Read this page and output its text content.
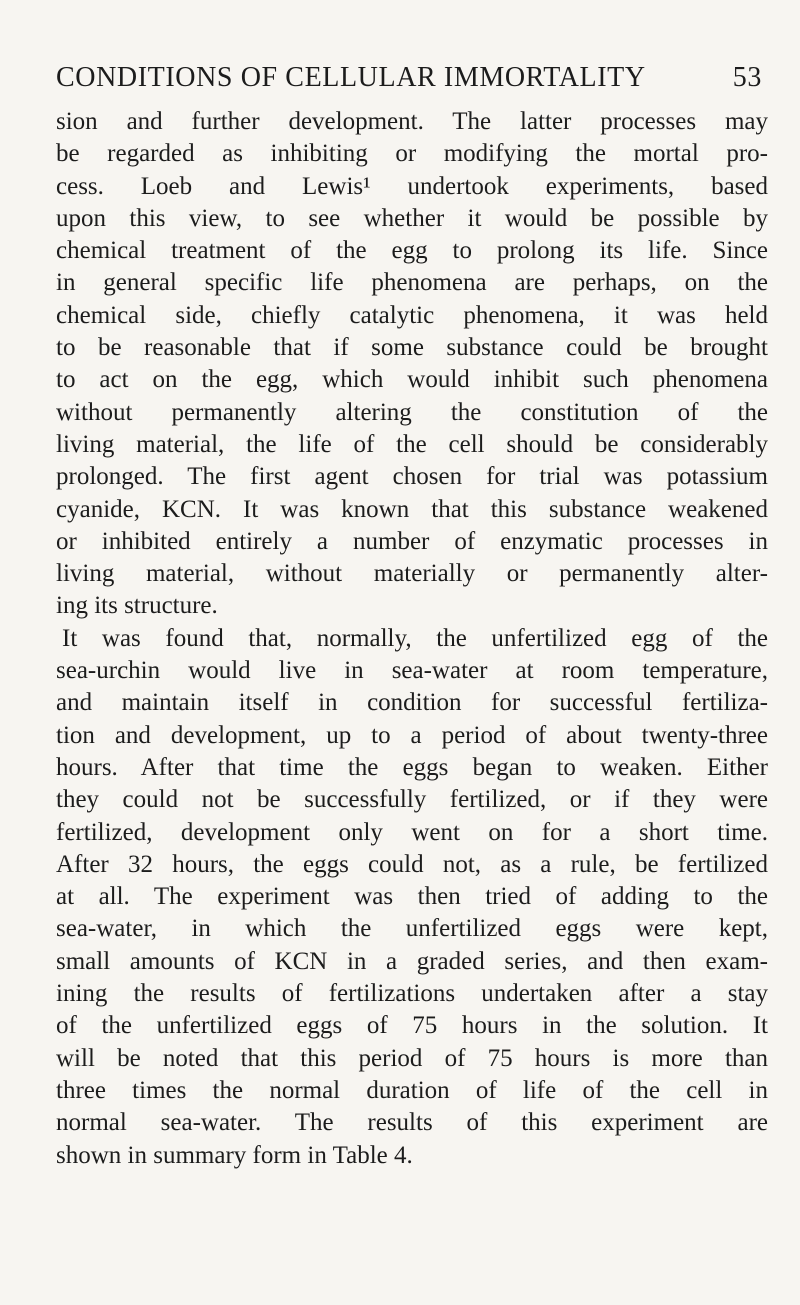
CONDITIONS OF CELLULAR IMMORTALITY	53
sion and further development. The latter processes may
be regarded as inhibiting or modifying the mortal pro-
cess. Loeb and Lewis¹ undertook experiments, based
upon this view, to see whether it would be possible by
chemical treatment of the egg to prolong its life. Since
in general specific life phenomena are perhaps, on the
chemical side, chiefly catalytic phenomena, it was held
to be reasonable that if some substance could be brought
to act on the egg, which would inhibit such phenomena
without permanently altering the constitution of the
living material, the life of the cell should be considerably
prolonged. The first agent chosen for trial was potassium
cyanide, KCN. It was known that this substance weakened
or inhibited entirely a number of enzymatic processes in
living material, without materially or permanently alter-
ing its structure.
It was found that, normally, the unfertilized egg of the
sea-urchin would live in sea-water at room temperature,
and maintain itself in condition for successful fertiliza-
tion and development, up to a period of about twenty-three
hours. After that time the eggs began to weaken. Either
they could not be successfully fertilized, or if they were
fertilized, development only went on for a short time.
After 32 hours, the eggs could not, as a rule, be fertilized
at all. The experiment was then tried of adding to the
sea-water, in which the unfertilized eggs were kept,
small amounts of KCN in a graded series, and then exam-
ining the results of fertilizations undertaken after a stay
of the unfertilized eggs of 75 hours in the solution. It
will be noted that this period of 75 hours is more than
three times the normal duration of life of the cell in
normal sea-water. The results of this experiment are
shown in summary form in Table 4.
